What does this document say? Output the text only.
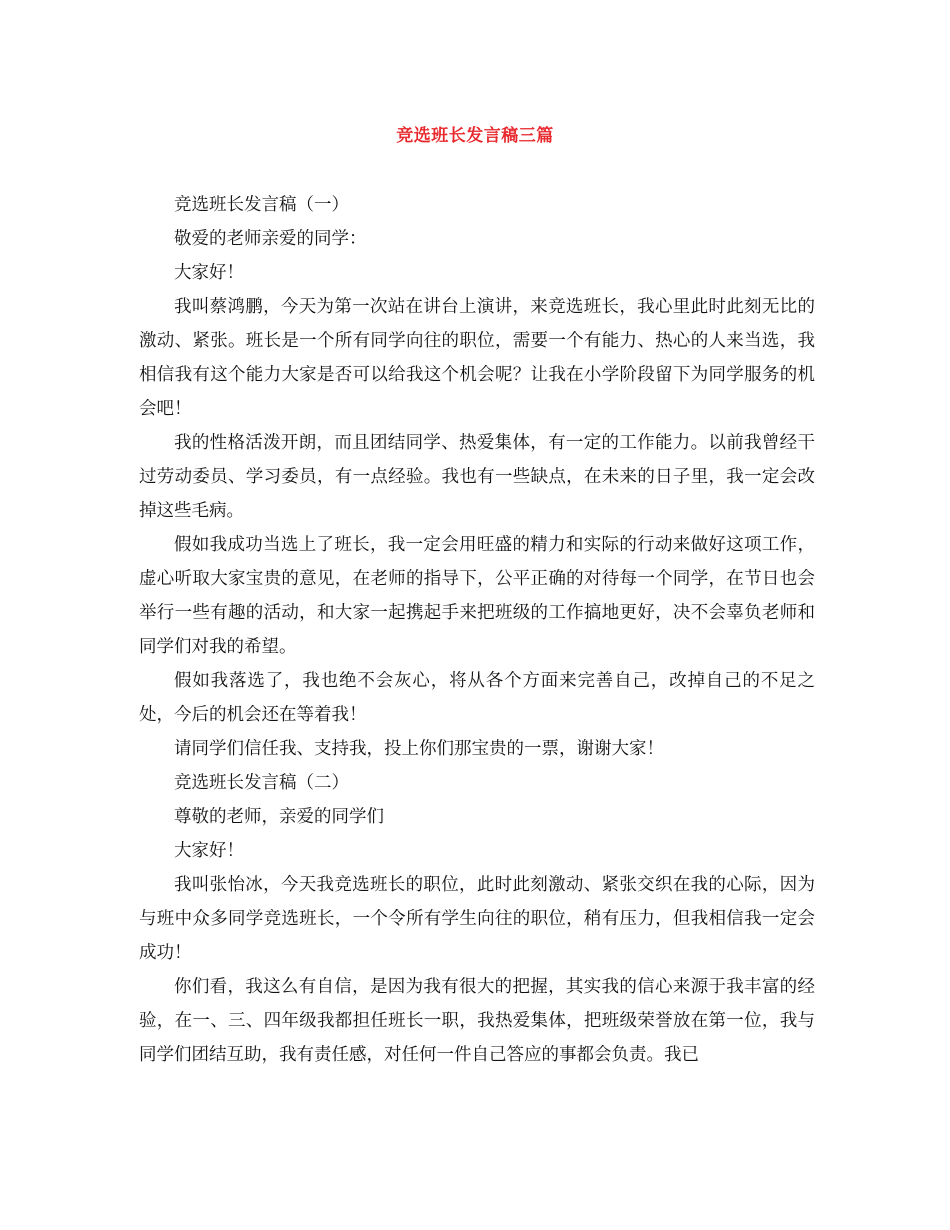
竞选班长发言稿三篇

竞选班长发言稿（一）

敬爱的老师亲爱的同学：

大家好！

我叫蔡鸿鹏，今天为第一次站在讲台上演讲，来竞选班长，我心里此时此刻无比的激动、紧张。班长是一个所有同学向往的职位，需要一个有能力、热心的人来当选，我相信我有这个能力大家是否可以给我这个机会呢？让我在小学阶段留下为同学服务的机会吧！

我的性格活泼开朗，而且团结同学、热爱集体，有一定的工作能力。以前我曾经干过劳动委员、学习委员，有一点经验。我也有一些缺点，在未来的日子里，我一定会改掉这些毛病。

假如我成功当选上了班长，我一定会用旺盛的精力和实际的行动来做好这项工作，虚心听取大家宝贵的意见，在老师的指导下，公平正确的对待每一个同学，在节日也会举行一些有趣的活动，和大家一起携起手来把班级的工作搞地更好，决不会辜负老师和同学们对我的希望。

假如我落选了，我也绝不会灰心，将从各个方面来完善自己，改掉自己的不足之处，今后的机会还在等着我！

请同学们信任我、支持我，投上你们那宝贵的一票，谢谢大家！

竞选班长发言稿（二）

尊敬的老师，亲爱的同学们

大家好！

我叫张怡冰，今天我竞选班长的职位，此时此刻激动、紧张交织在我的心际，因为与班中众多同学竞选班长，一个令所有学生向往的职位，稍有压力，但我相信我一定会成功！

你们看，我这么有自信，是因为我有很大的把握，其实我的信心来源于我丰富的经验，在一、三、四年级我都担任班长一职，我热爱集体，把班级荣誉放在第一位，我与同学们团结互助，我有责任感，对任何一件自己答应的事都会负责。我已
